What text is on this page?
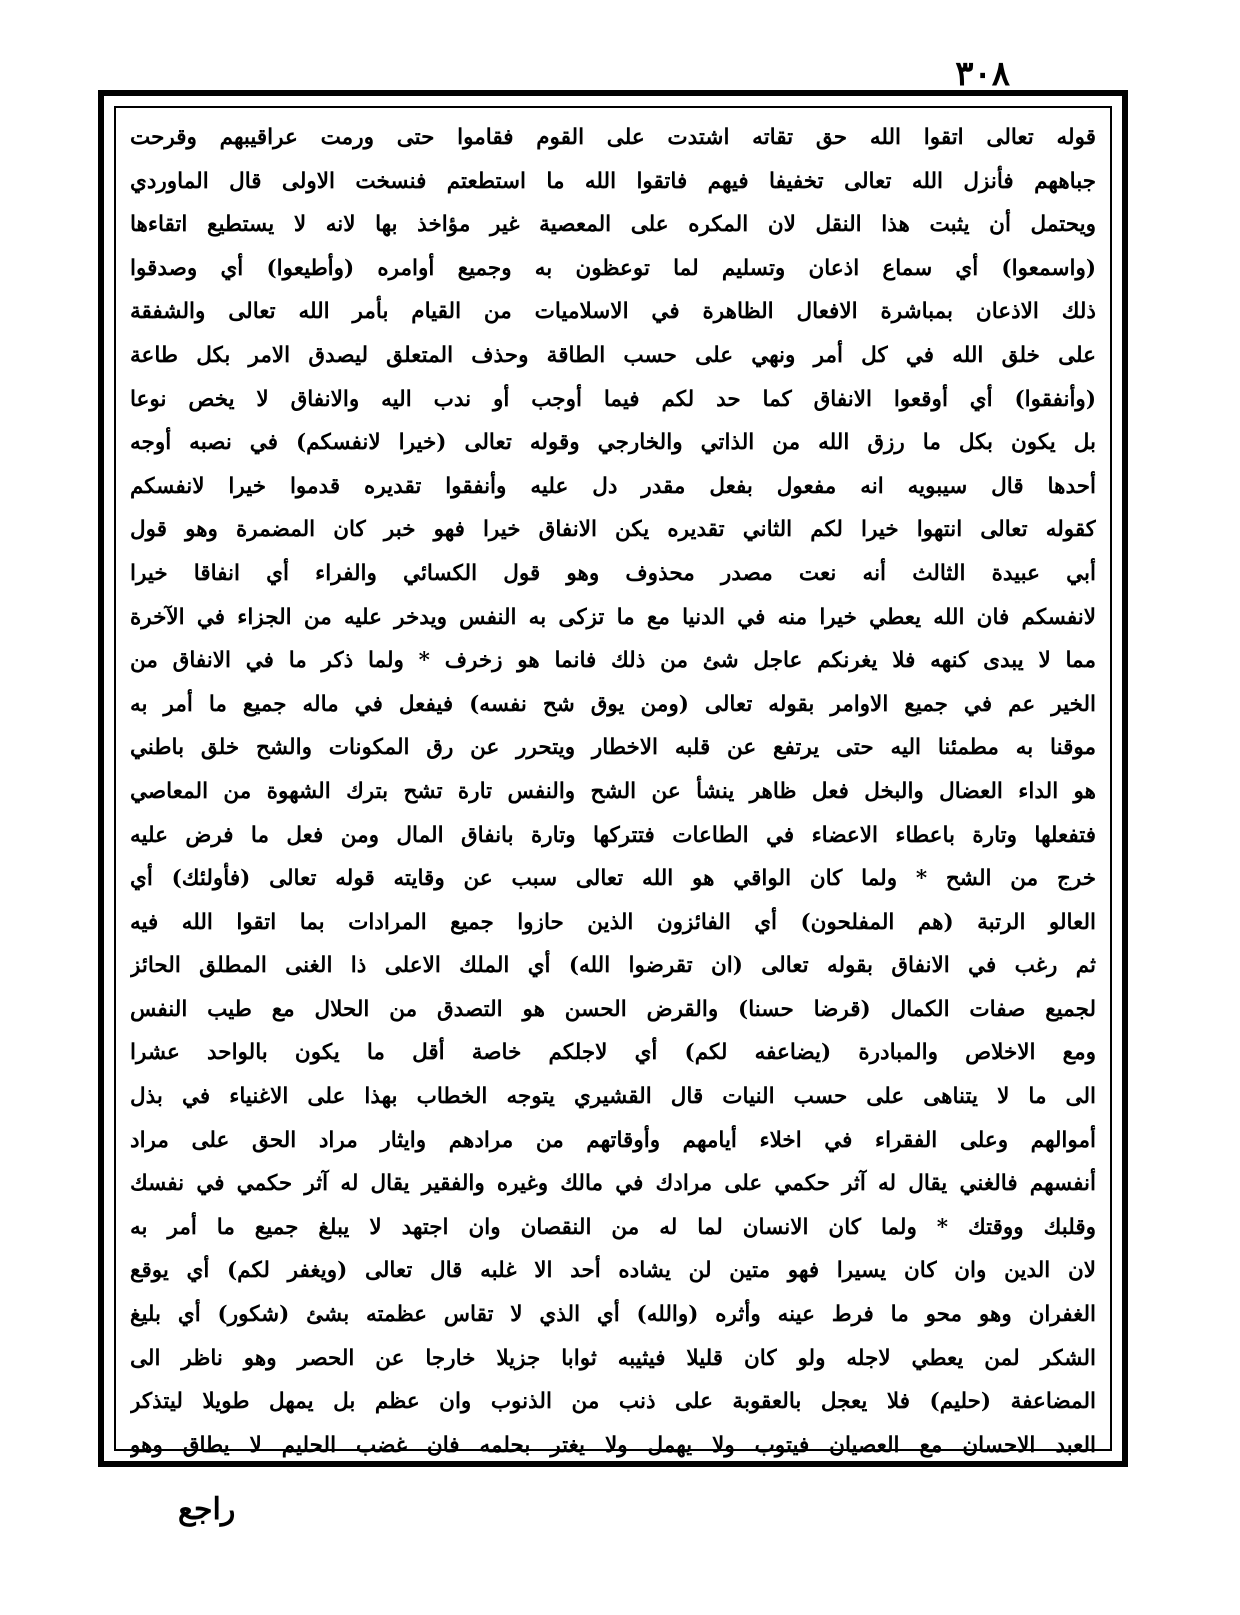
٣٠٨
قوله تعالى اتقوا الله حق تقاته اشتدت على القوم فقاموا حتى ورمت عراقيبهم وقرحت
جباههم فأنزل الله تعالى تخفيفا فيهم فاتقوا الله ما استطعتم فنسخت الاولى قال الماوردي
ويحتمل أن يثبت هذا النقل لان المكره على المعصية غير مؤاخذ بها لانه لا يستطيع اتقاءها
(واسمعوا) أي سماع اذعان وتسليم لما توعظون به وجميع أوامره (وأطيعوا) أي وصدقوا
ذلك الاذعان بمباشرة الافعال الظاهرة في الاسلاميات من القيام بأمر الله تعالى والشفقة
على خلق الله في كل أمر ونهي على حسب الطاقة وحذف المتعلق ليصدق الامر بكل طاعة
(وأنفقوا) أي أوقعوا الانفاق كما حد لكم فيما أوجب أو ندب اليه والانفاق لا يخص نوعا
بل يكون بكل ما رزق الله من الذاتي والخارجي وقوله تعالى (خيرا لانفسكم) في نصبه أوجه
أحدها قال سيبويه انه مفعول بفعل مقدر دل عليه وأنفقوا تقديره قدموا خيرا لانفسكم
كقوله تعالى انتهوا خيرا لكم الثاني تقديره يكن الانفاق خيرا فهو خبر كان المضمرة وهو قول
أبي عبيدة الثالث أنه نعت مصدر محذوف وهو قول الكسائي والفراء أي انفاقا خيرا
لانفسكم فان الله يعطي خيرا منه في الدنيا مع ما تزكى به النفس ويدخر عليه من الجزاء في الآخرة
مما لا يبدى كنهه فلا يغرنكم عاجل شئ من ذلك فانما هو زخرف * ولما ذكر ما في الانفاق من
الخير عم في جميع الاوامر بقوله تعالى (ومن يوق شح نفسه) فيفعل في ماله جميع ما أمر به
موقنا به مطمئنا اليه حتى يرتفع عن قلبه الاخطار ويتحرر عن رق المكونات والشح خلق باطني
هو الداء العضال والبخل فعل ظاهر ينشأ عن الشح والنفس تارة تشح بترك الشهوة من المعاصي
فتفعلها وتارة باعطاء الاعضاء في الطاعات فتتركها وتارة بانفاق المال ومن فعل ما فرض عليه
خرج من الشح * ولما كان الواقي هو الله تعالى سبب عن وقايته قوله تعالى (فأولئك) أي
العالو الرتبة (هم المفلحون) أي الفائزون الذين حازوا جميع المرادات بما اتقوا الله فيه
ثم رغب في الانفاق بقوله تعالى (ان تقرضوا الله) أي الملك الاعلى ذا الغنى المطلق الحائز
لجميع صفات الكمال (قرضا حسنا) والقرض الحسن هو التصدق من الحلال مع طيب النفس
ومع الاخلاص والمبادرة (يضاعفه لكم) أي لاجلكم خاصة أقل ما يكون بالواحد عشرا
الى ما لا يتناهى على حسب النيات قال القشيري يتوجه الخطاب بهذا على الاغنياء في بذل
أموالهم وعلى الفقراء في اخلاء أيامهم وأوقاتهم من مرادهم وايثار مراد الحق على مراد
أنفسهم فالغني يقال له آثر حكمي على مرادك في مالك وغيره والفقير يقال له آثر حكمي في نفسك
وقلبك ووقتك * ولما كان الانسان لما له من النقصان وان اجتهد لا يبلغ جميع ما أمر به
لان الدين وان كان يسيرا فهو متين لن يشاده أحد الا غلبه قال تعالى (ويغفر لكم) أي يوقع
الغفران وهو محو ما فرط عينه وأثره (والله) أي الذي لا تقاس عظمته بشئ (شكور) أي بليغ
الشكر لمن يعطي لاجله ولو كان قليلا فيثيبه ثوابا جزيلا خارجا عن الحصر وهو ناظر الى
المضاعفة (حليم) فلا يعجل بالعقوبة على ذنب من الذنوب وان عظم بل يمهل طويلا ليتذكر
العبد الاحسان مع العصيان فيتوب ولا يهمل ولا يغتر بحلمه فان غضب الحليم لا يطاق وهو
راجع
